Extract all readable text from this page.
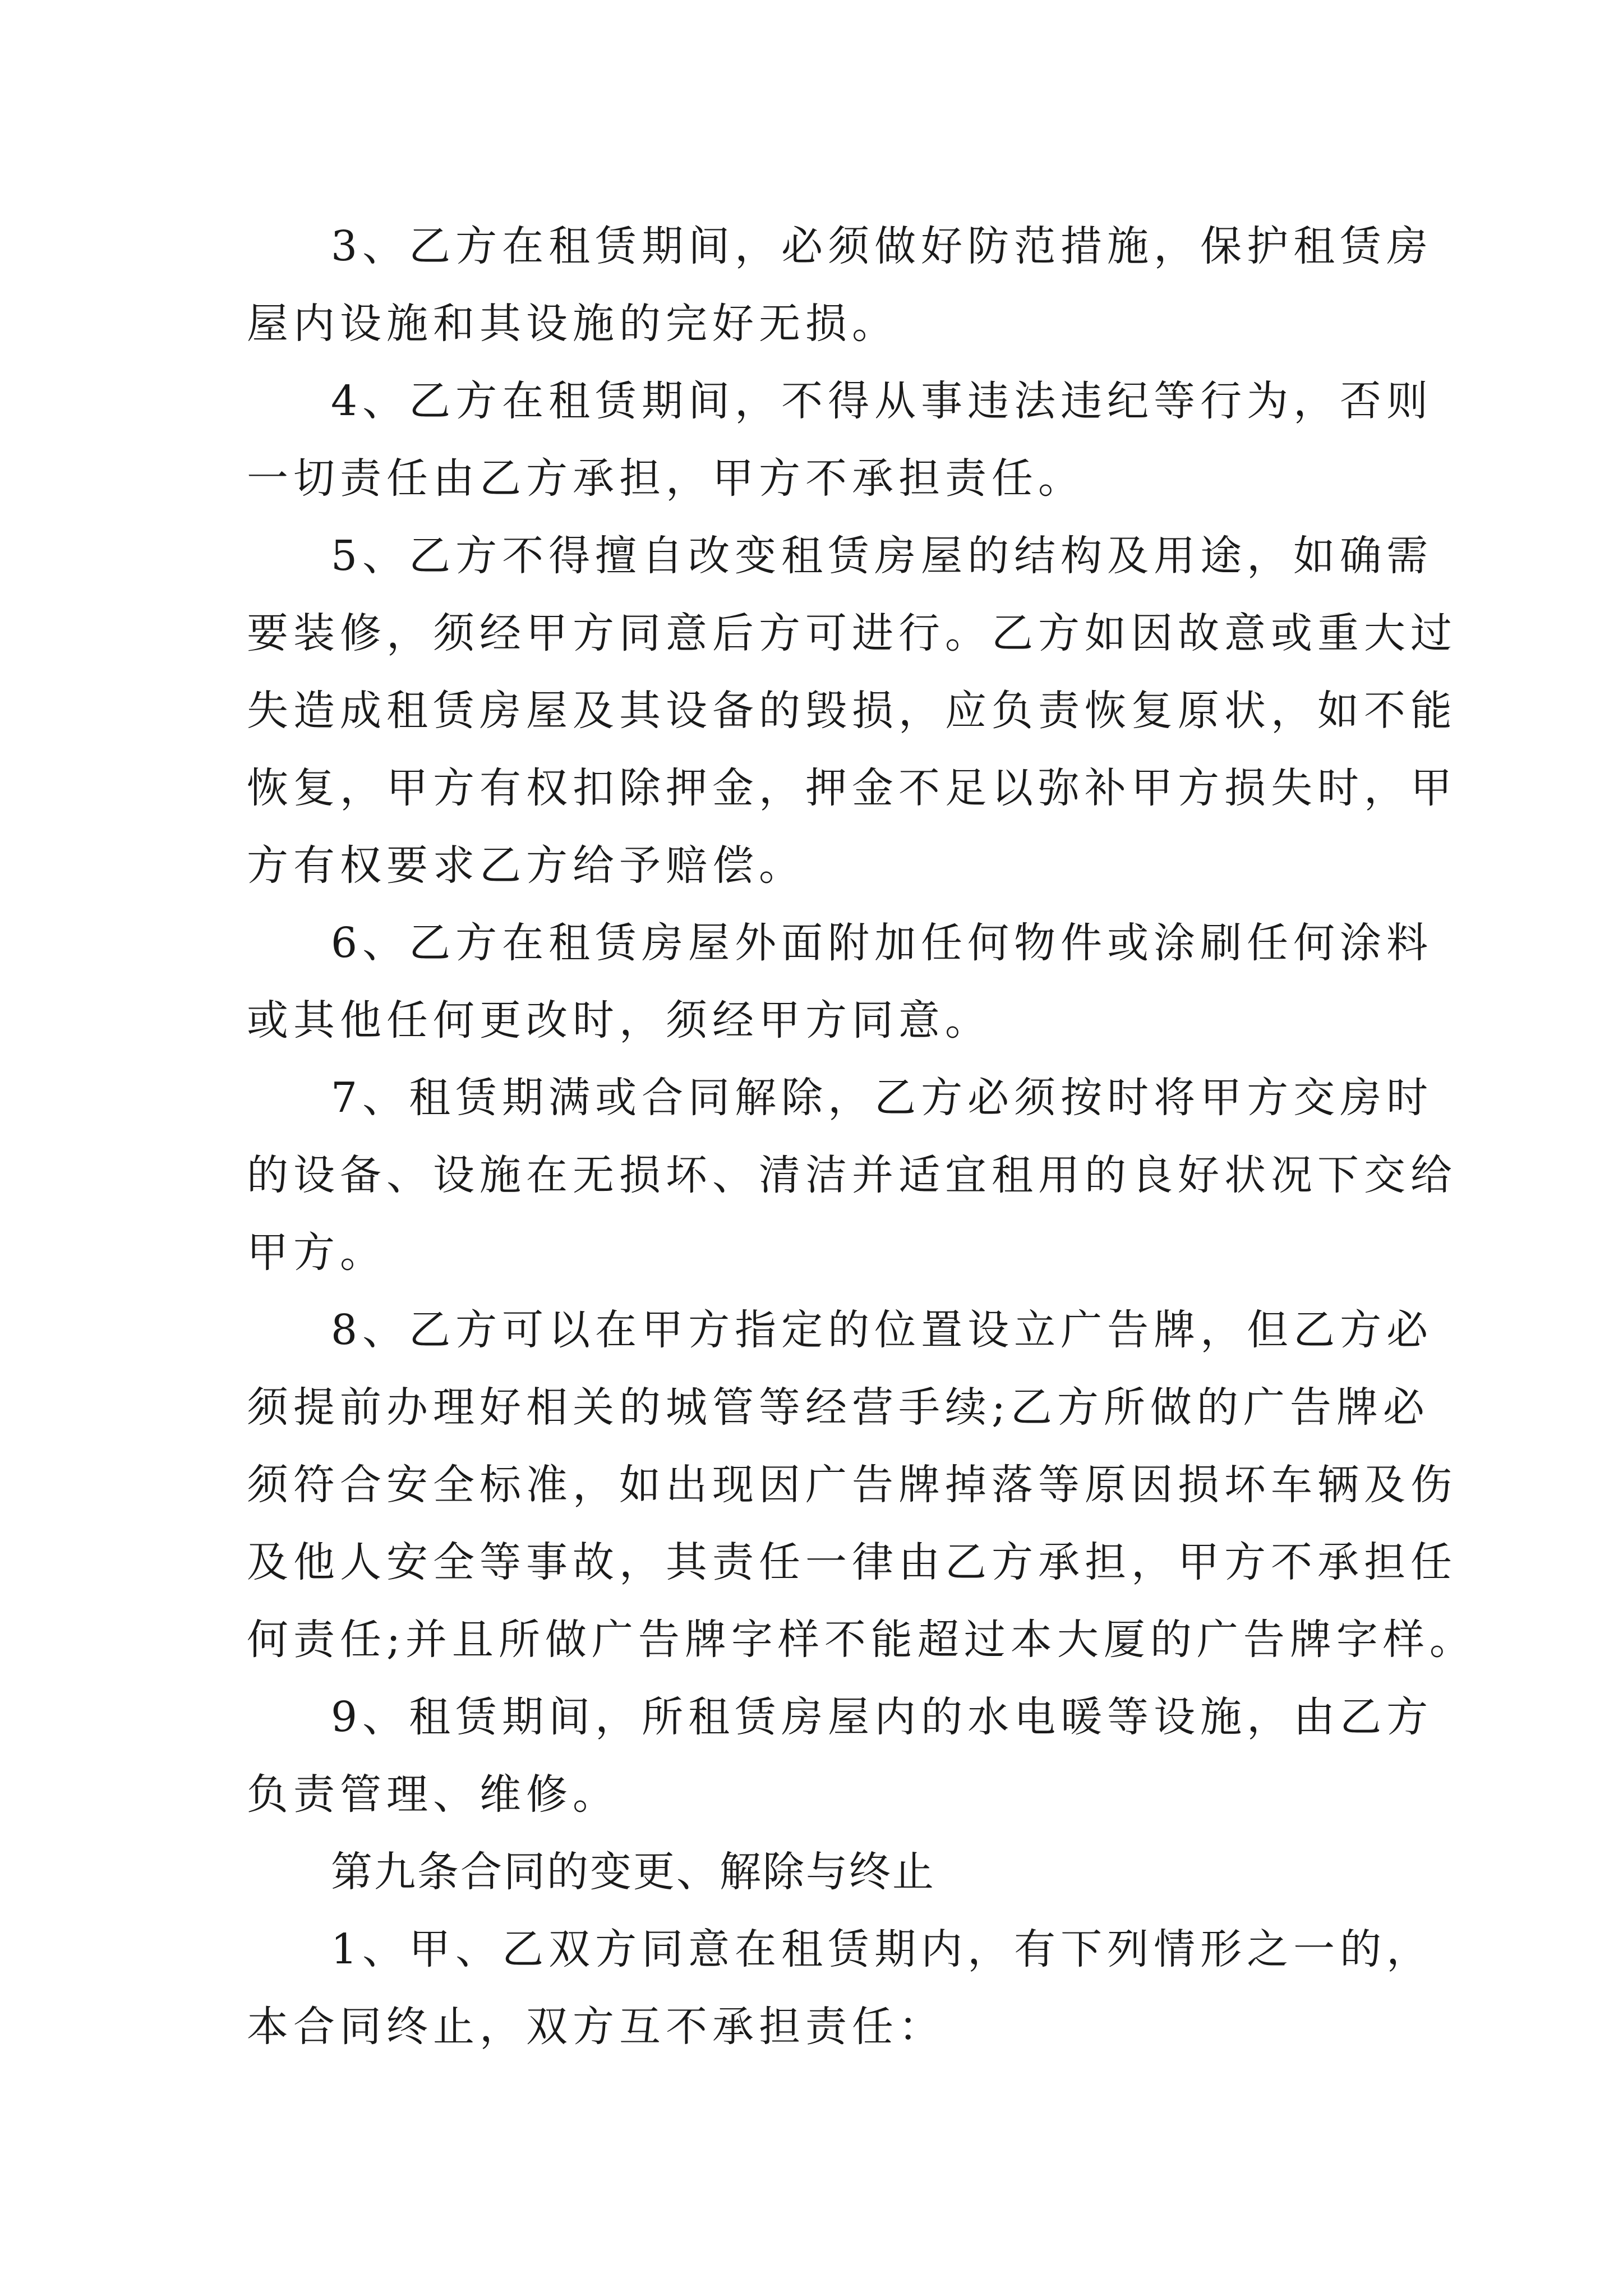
3、乙方在租赁期间，必须做好防范措施，保护租赁房
屋内设施和其设施的完好无损。
4、乙方在租赁期间，不得从事违法违纪等行为，否则
一切责任由乙方承担，甲方不承担责任。
5、乙方不得擅自改变租赁房屋的结构及用途，如确需
要装修，须经甲方同意后方可进行。乙方如因故意或重大过
失造成租赁房屋及其设备的毁损，应负责恢复原状，如不能
恢复，甲方有权扣除押金，押金不足以弥补甲方损失时，甲
方有权要求乙方给予赔偿。
6、乙方在租赁房屋外面附加任何物件或涂刷任何涂料
或其他任何更改时，须经甲方同意。
7、租赁期满或合同解除，乙方必须按时将甲方交房时
的设备、设施在无损坏、清洁并适宜租用的良好状况下交给
甲方。
8、乙方可以在甲方指定的位置设立广告牌，但乙方必
须提前办理好相关的城管等经营手续;乙方所做的广告牌必
须符合安全标准，如出现因广告牌掉落等原因损坏车辆及伤
及他人安全等事故，其责任一律由乙方承担，甲方不承担任
何责任;并且所做广告牌字样不能超过本大厦的广告牌字样。
9、租赁期间，所租赁房屋内的水电暖等设施，由乙方
负责管理、维修。
第九条合同的变更、解除与终止
1、甲、乙双方同意在租赁期内，有下列情形之一的，
本合同终止，双方互不承担责任：
